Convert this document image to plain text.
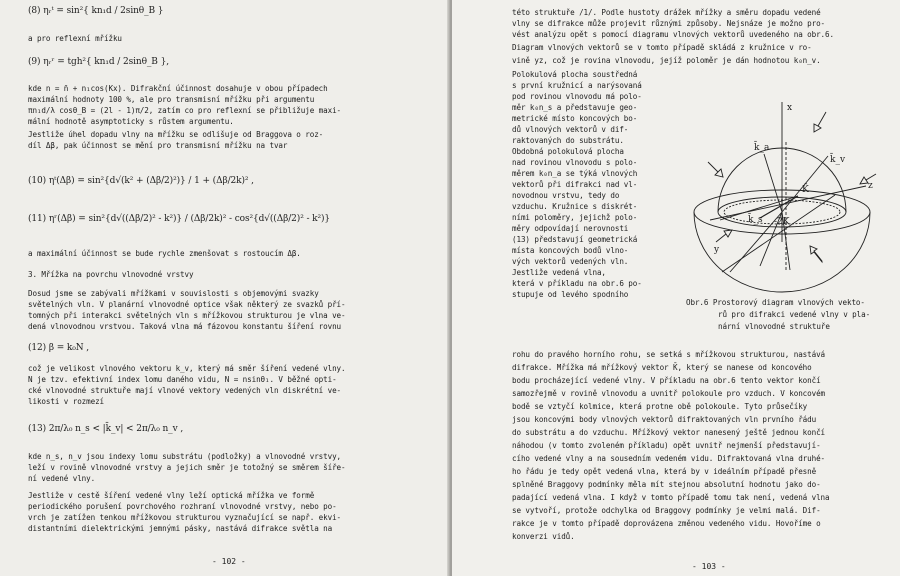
(8) ηᵣᵗ = sin²{ kn₁d / 2sinθ_B }
a pro reflexní mřížku
(9) ηᵣʳ = tgh²{ kn₁d / 2sinθ_B },
kde n = n̄ + n₁cos(Kx). Difrakční účinnost dosahuje v obou případech
maximální hodnoty 100 %, ale pro transmisní mřížku při argumentu
πn₁d/λ cosθ_B = (2l - 1)π/2, zatím co pro reflexní se přibližuje maxi-
mální hodnotě asymptoticky s růstem argumentu.
Jestliže úhel dopadu vlny na mřížku se odlišuje od Braggova o roz-
díl Δβ, pak účinnost se mění pro transmisní mřížku na tvar
(10) ηᵗ(Δβ) = sin²{d√(k² + (Δβ/2)²)} / 1 + (Δβ/2k)² ,
(11) ηʳ(Δβ) = sin²{d√((Δβ/2)² - k²)} / (Δβ/2k)² - cos²{d√((Δβ/2)² - k²)}
a maximální účinnost se bude rychle zmenšovat s rostoucím Δβ.
3. Mřížka na povrchu vlnovodné vrstvy
Dosud jsme se zabývali mřížkami v souvislosti s objemovými svazky
světelných vln. V planární vlnovodné optice však některý ze svazků pří-
tomných při interakci světelných vln s mřížkovou strukturou je vlna ve-
dená vlnovodnou vrstvou. Taková vlna má fázovou konstantu šíření rovnu
(12) β = k₀N ,
což je velikost vlnového vektoru k_v, který má směr šíření vedené vlny.
N je tzv. efektivní index lomu daného vidu, N = nsinθ₁. V běžné opti-
cké vlnovodné struktuře mají vlnové vektory vedených vln diskrétní ve-
likosti v rozmezí
(13) 2π/λ₀ n_s < |k̄_v| < 2π/λ₀ n_v ,
kde n_s, n_v jsou indexy lomu substrátu (podložky) a vlnovodné vrstvy,
leží v rovině vlnovodné vrstvy a jejich směr je totožný se směrem šíře-
ní vedené vlny.
Jestliže v cestě šíření vedené vlny leží optická mřížka ve formě
periodického porušení povrchového rozhraní vlnovodné vrstvy, nebo po-
vrch je zatížen tenkou mřížkovou strukturou vyznačující se např. ekvi-
distantními dielektrickými jemnými pásky, nastává difrakce světla na
- 102 -
této struktuře /1/. Podle hustoty drážek mřížky a směru dopadu vedené
vlny se difrakce může projevit různými způsoby. Nejsnáze je možno pro-
vést analýzu opět s pomocí diagramu vlnových vektorů uvedeného na obr.6.
Diagram vlnových vektorů se v tomto případě skládá z kružnice v ro-
vině yz, což je rovina vlnovodu, jejíž poloměr je dán hodnotou k₀n_v.
Polokulová plocha soustředná
s první kružnicí a narýsovaná
pod rovinou vlnovodu má polo-
měr k₀n_s a představuje geo-
metrické místo koncových bo-
dů vlnových vektorů v dif-
raktovaných do substrátu.
Obdobná polokulová plocha
nad rovinou vlnovodu s polo-
měrem k₀n_a se týká vlnových
vektorů při difrakci nad vl-
novodnou vrstvu, tedy do
vzduchu. Kružnice s diskrét-
ními poloměry, jejichž polo-
měry odpovídají nerovnosti
(13) představují geometrická
místa koncových bodů vlno-
vých vektorů vedených vln.
Jestliže vedená vlna,
která v příkladu na obr.6 po-
stupuje od levého spodního
x
k̄_v
K̄	z
y
k̄_s
k̄_a
-2K
Obr.6 Prostorový diagram vlnových vekto-
rů pro difrakci vedené vlny v pla-
nární vlnovodné struktuře
rohu do pravého horního rohu, se setká s mřížkovou strukturou, nastává
difrakce. Mřížka má mřížkový vektor K̄, který se nanese od koncového
bodu procházející vedené vlny. V příkladu na obr.6 tento vektor končí
samozřejmě v rovině vlnovodu a uvnitř polokoule pro vzduch. V koncovém
bodě se vztyčí kolmice, která protne obě polokoule. Tyto průsečíky
jsou koncovými body vlnových vektorů difraktovaných vln prvního řádu
do substrátu a do vzduchu. Mřížkový vektor nanesený ještě jednou končí
náhodou (v tomto zvoleném příkladu) opět uvnitř nejmenší představují-
cího vedené vlny a na sousedním vedeném vidu. Difraktovaná vlna druhé-
ho řádu je tedy opět vedená vlna, která by v ideálním případě přesně
splněné Braggovy podmínky měla mít stejnou absolutní hodnotu jako do-
padající vedená vlna. I když v tomto případě tomu tak není, vedená vlna
se vytvoří, protože odchylka od Braggovy podmínky je velmi malá. Dif-
rakce je v tomto případě doprovázena změnou vedeného vidu. Hovoříme o
konverzi vidů.
- 103 -
